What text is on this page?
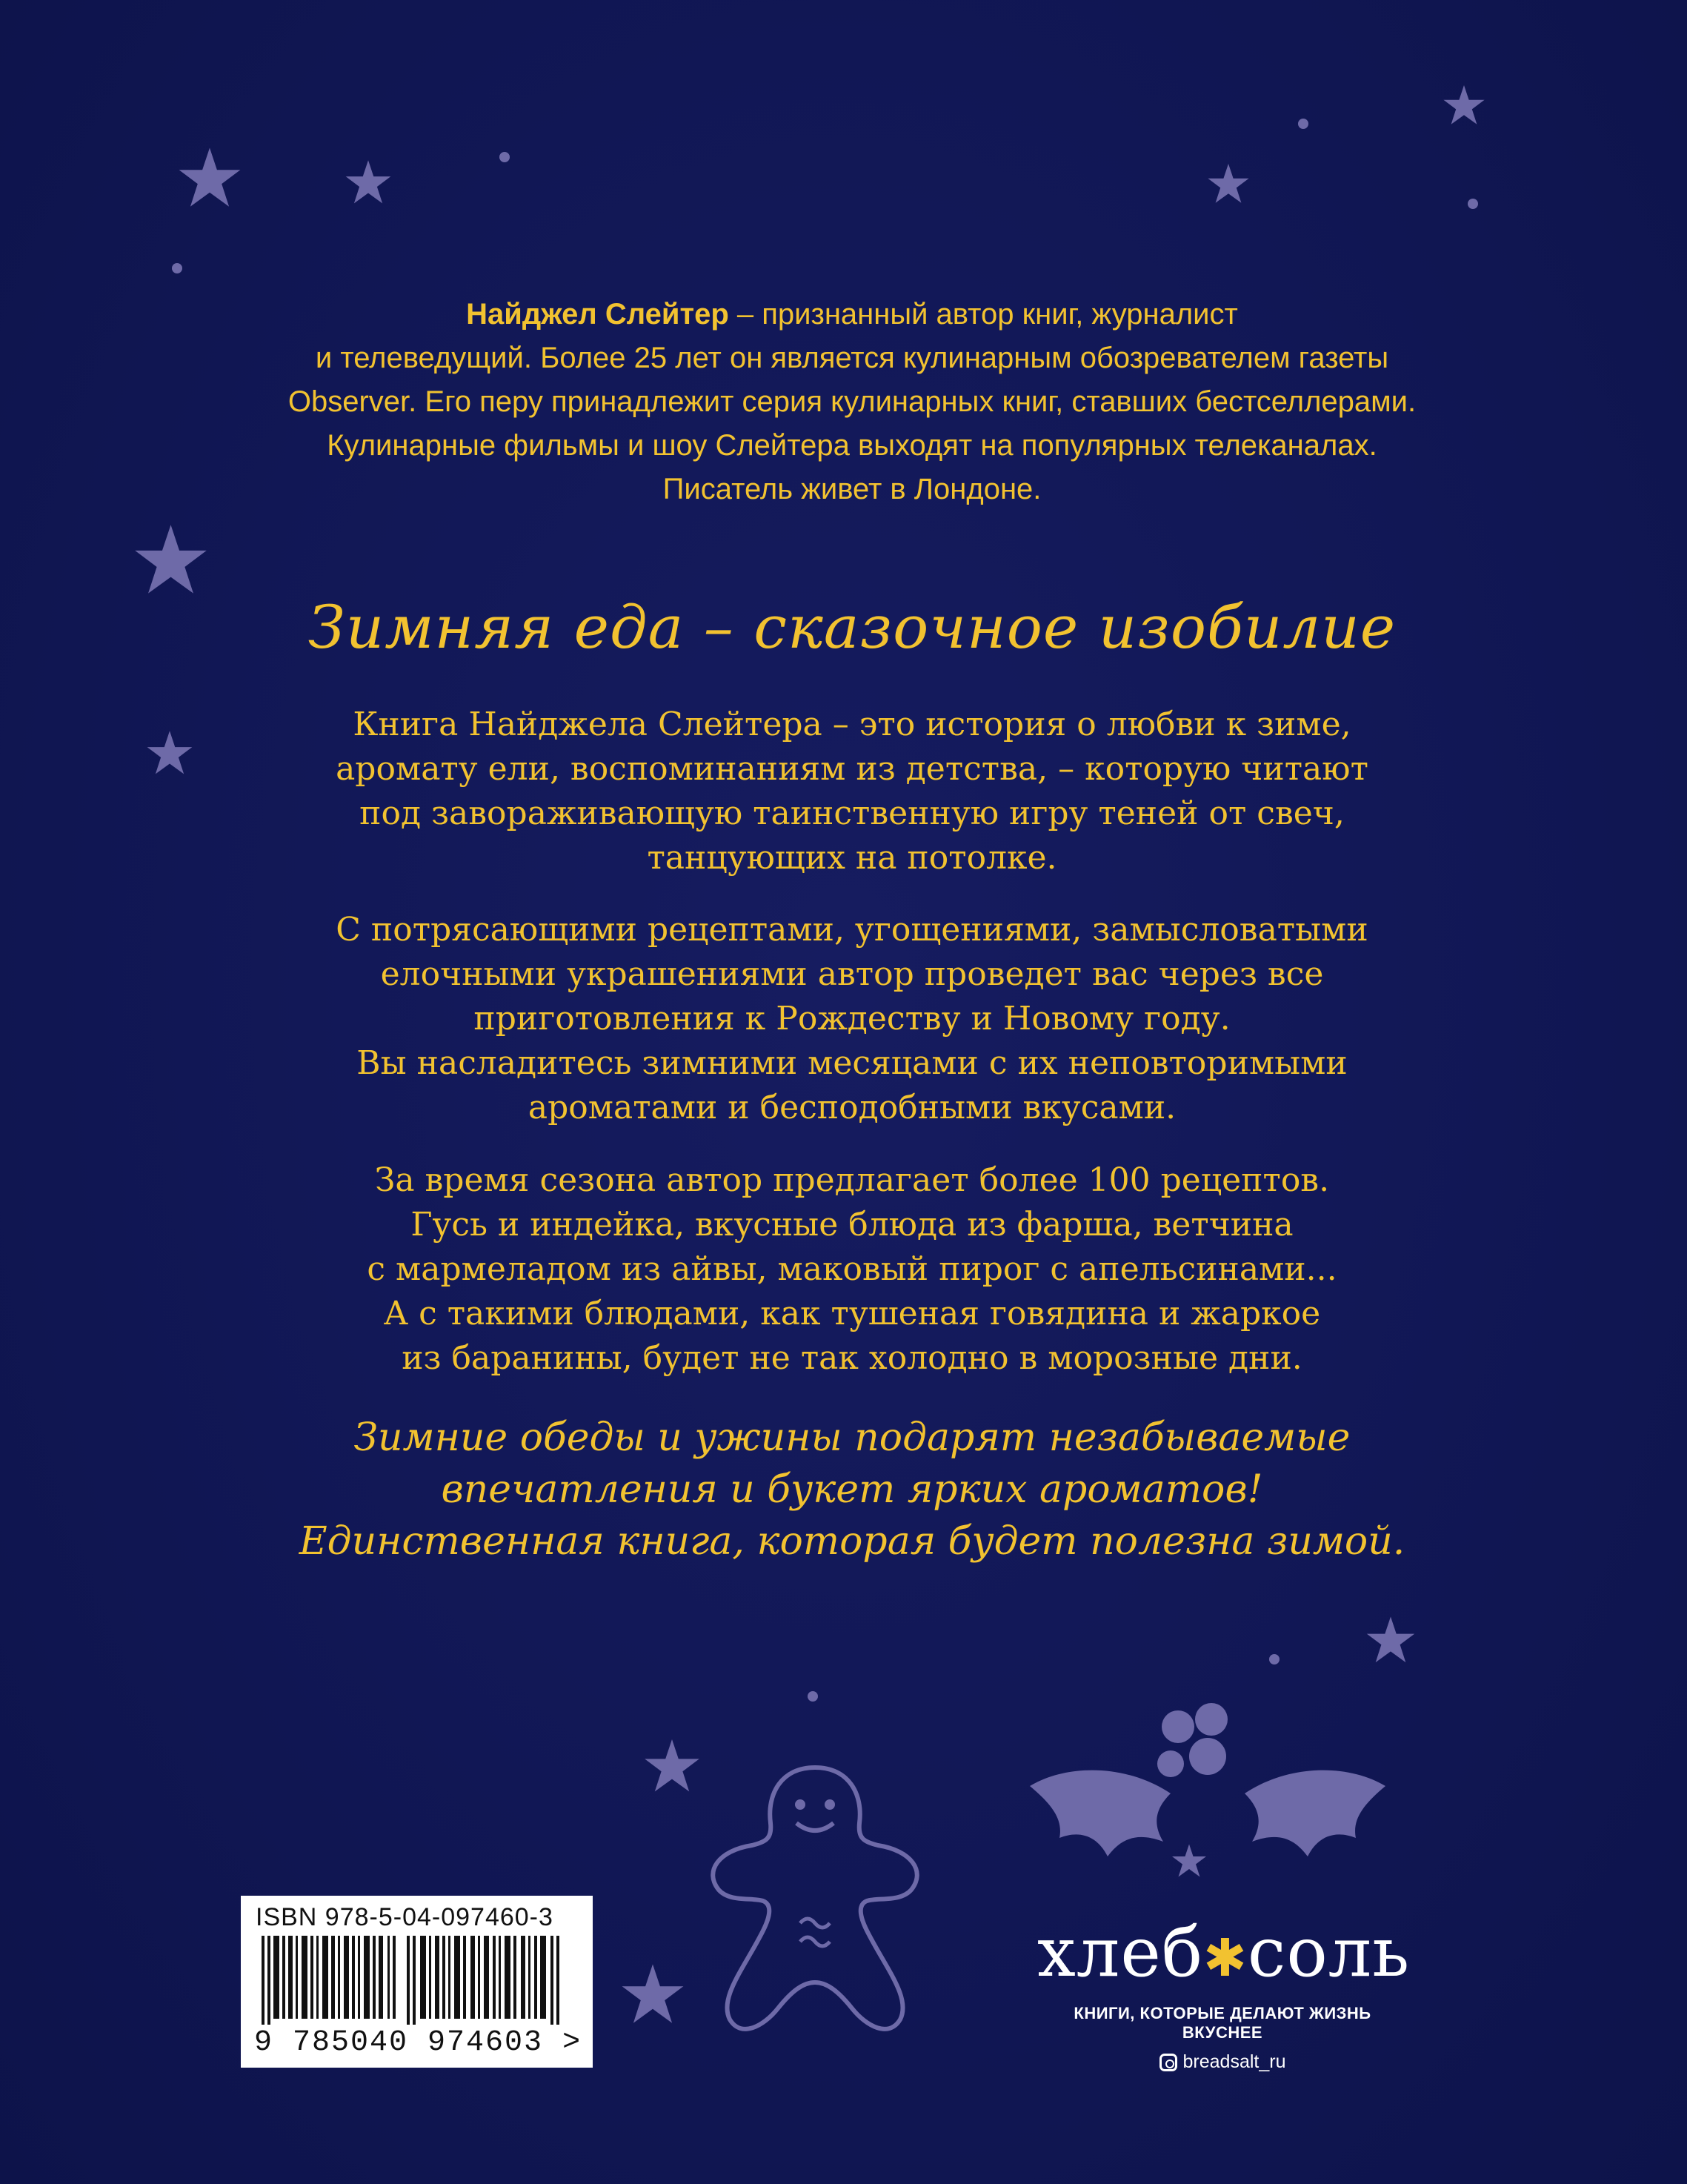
Найджел Слейтер – признанный автор книг, журналист
и телеведущий. Более 25 лет он является кулинарным обозревателем газеты
Observer. Его перу принадлежит серия кулинарных книг, ставших бестселлерами.
Кулинарные фильмы и шоу Слейтера выходят на популярных телеканалах.
Писатель живет в Лондоне.
Зимняя еда – сказочное изобилие
Книга Найджела Слейтера – это история о любви к зиме,
аромату ели, воспоминаниям из детства, – которую читают
под завораживающую таинственную игру теней от свеч,
танцующих на потолке.
С потрясающими рецептами, угощениями, замысловатыми
елочными украшениями автор проведет вас через все
приготовления к Рождеству и Новому году.
Вы насладитесь зимними месяцами с их неповторимыми
ароматами и бесподобными вкусами.
За время сезона автор предлагает более 100 рецептов.
Гусь и индейка, вкусные блюда из фарша, ветчина
с мармеладом из айвы, маковый пирог с апельсинами...
А с такими блюдами, как тушеная говядина и жаркое
из баранины, будет не так холодно в морозные дни.
Зимние обеды и ужины подарят незабываемые
впечатления и букет ярких ароматов!
Единственная книга, которая будет полезна зимой.
ISBN 978-5-04-097460-3
9 785040 974603 >
хлеб✱соль
КНИГИ, КОТОРЫЕ ДЕЛАЮТ ЖИЗНЬ ВКУСНЕЕ
breadsalt_ru
